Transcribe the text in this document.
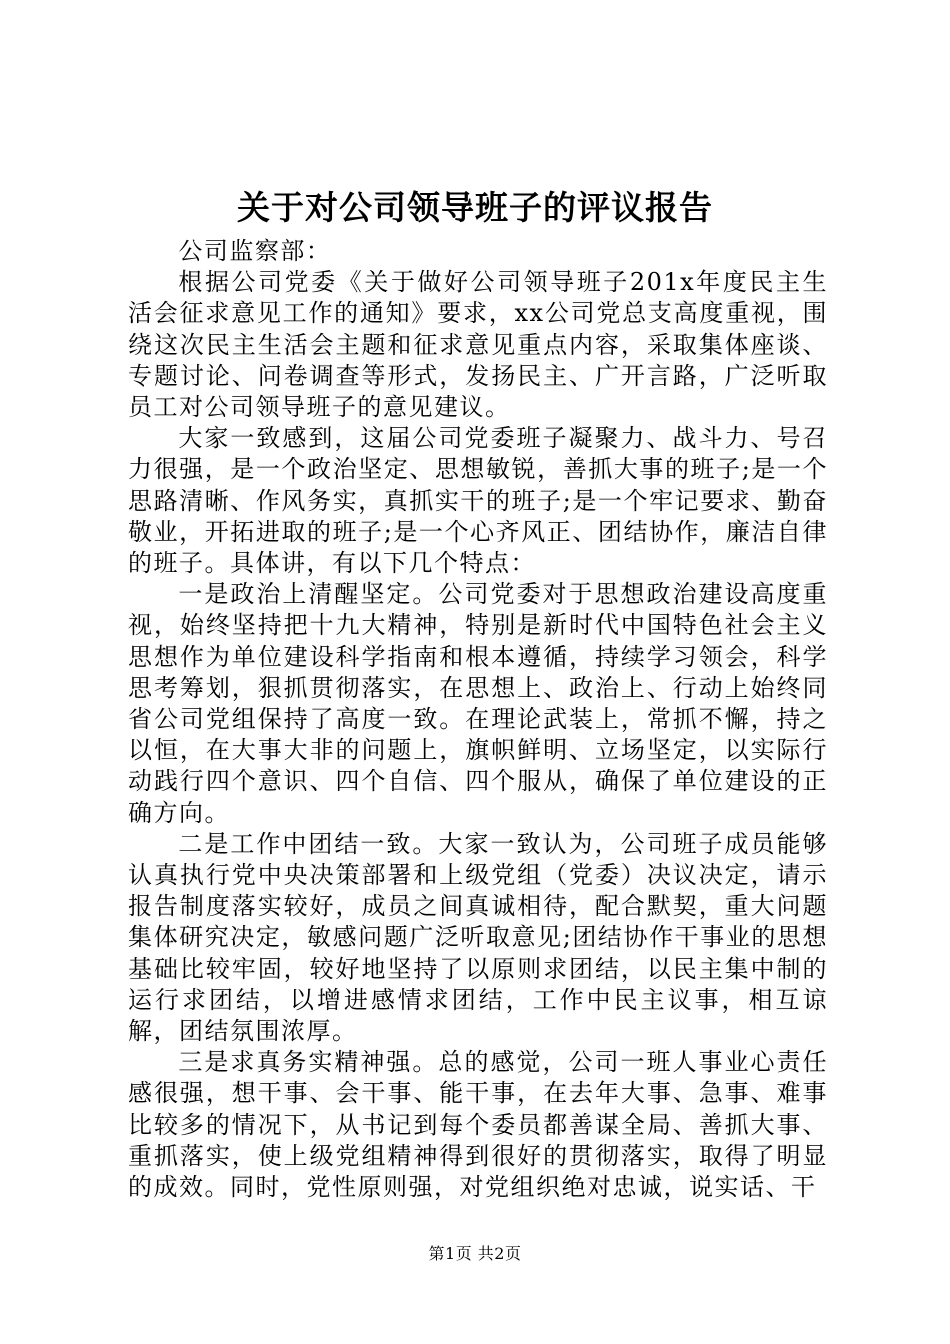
关于对公司领导班子的评议报告

公司监察部：

根据公司党委《关于做好公司领导班子201x年度民主生活会征求意见工作的通知》要求，xx公司党总支高度重视，围绕这次民主生活会主题和征求意见重点内容，采取集体座谈、专题讨论、问卷调查等形式，发扬民主、广开言路，广泛听取员工对公司领导班子的意见建议。

大家一致感到，这届公司党委班子凝聚力、战斗力、号召力很强，是一个政治坚定、思想敏锐，善抓大事的班子;是一个思路清晰、作风务实，真抓实干的班子;是一个牢记要求、勤奋敬业，开拓进取的班子;是一个心齐风正、团结协作，廉洁自律的班子。具体讲，有以下几个特点：

一是政治上清醒坚定。公司党委对于思想政治建设高度重视，始终坚持把十九大精神，特别是新时代中国特色社会主义思想作为单位建设科学指南和根本遵循，持续学习领会，科学思考筹划，狠抓贯彻落实，在思想上、政治上、行动上始终同省公司党组保持了高度一致。在理论武装上，常抓不懈，持之以恒，在大事大非的问题上，旗帜鲜明、立场坚定，以实际行动践行四个意识、四个自信、四个服从，确保了单位建设的正确方向。

二是工作中团结一致。大家一致认为，公司班子成员能够认真执行党中央决策部署和上级党组（党委）决议决定，请示报告制度落实较好，成员之间真诚相待，配合默契，重大问题集体研究决定，敏感问题广泛听取意见;团结协作干事业的思想基础比较牢固，较好地坚持了以原则求团结，以民主集中制的运行求团结，以增进感情求团结，工作中民主议事，相互谅解，团结氛围浓厚。

三是求真务实精神强。总的感觉，公司一班人事业心责任感很强，想干事、会干事、能干事，在去年大事、急事、难事比较多的情况下，从书记到每个委员都善谋全局、善抓大事、重抓落实，使上级党组精神得到很好的贯彻落实，取得了明显的成效。同时，党性原则强，对党组织绝对忠诚，说实话、干

第1页 共2页
